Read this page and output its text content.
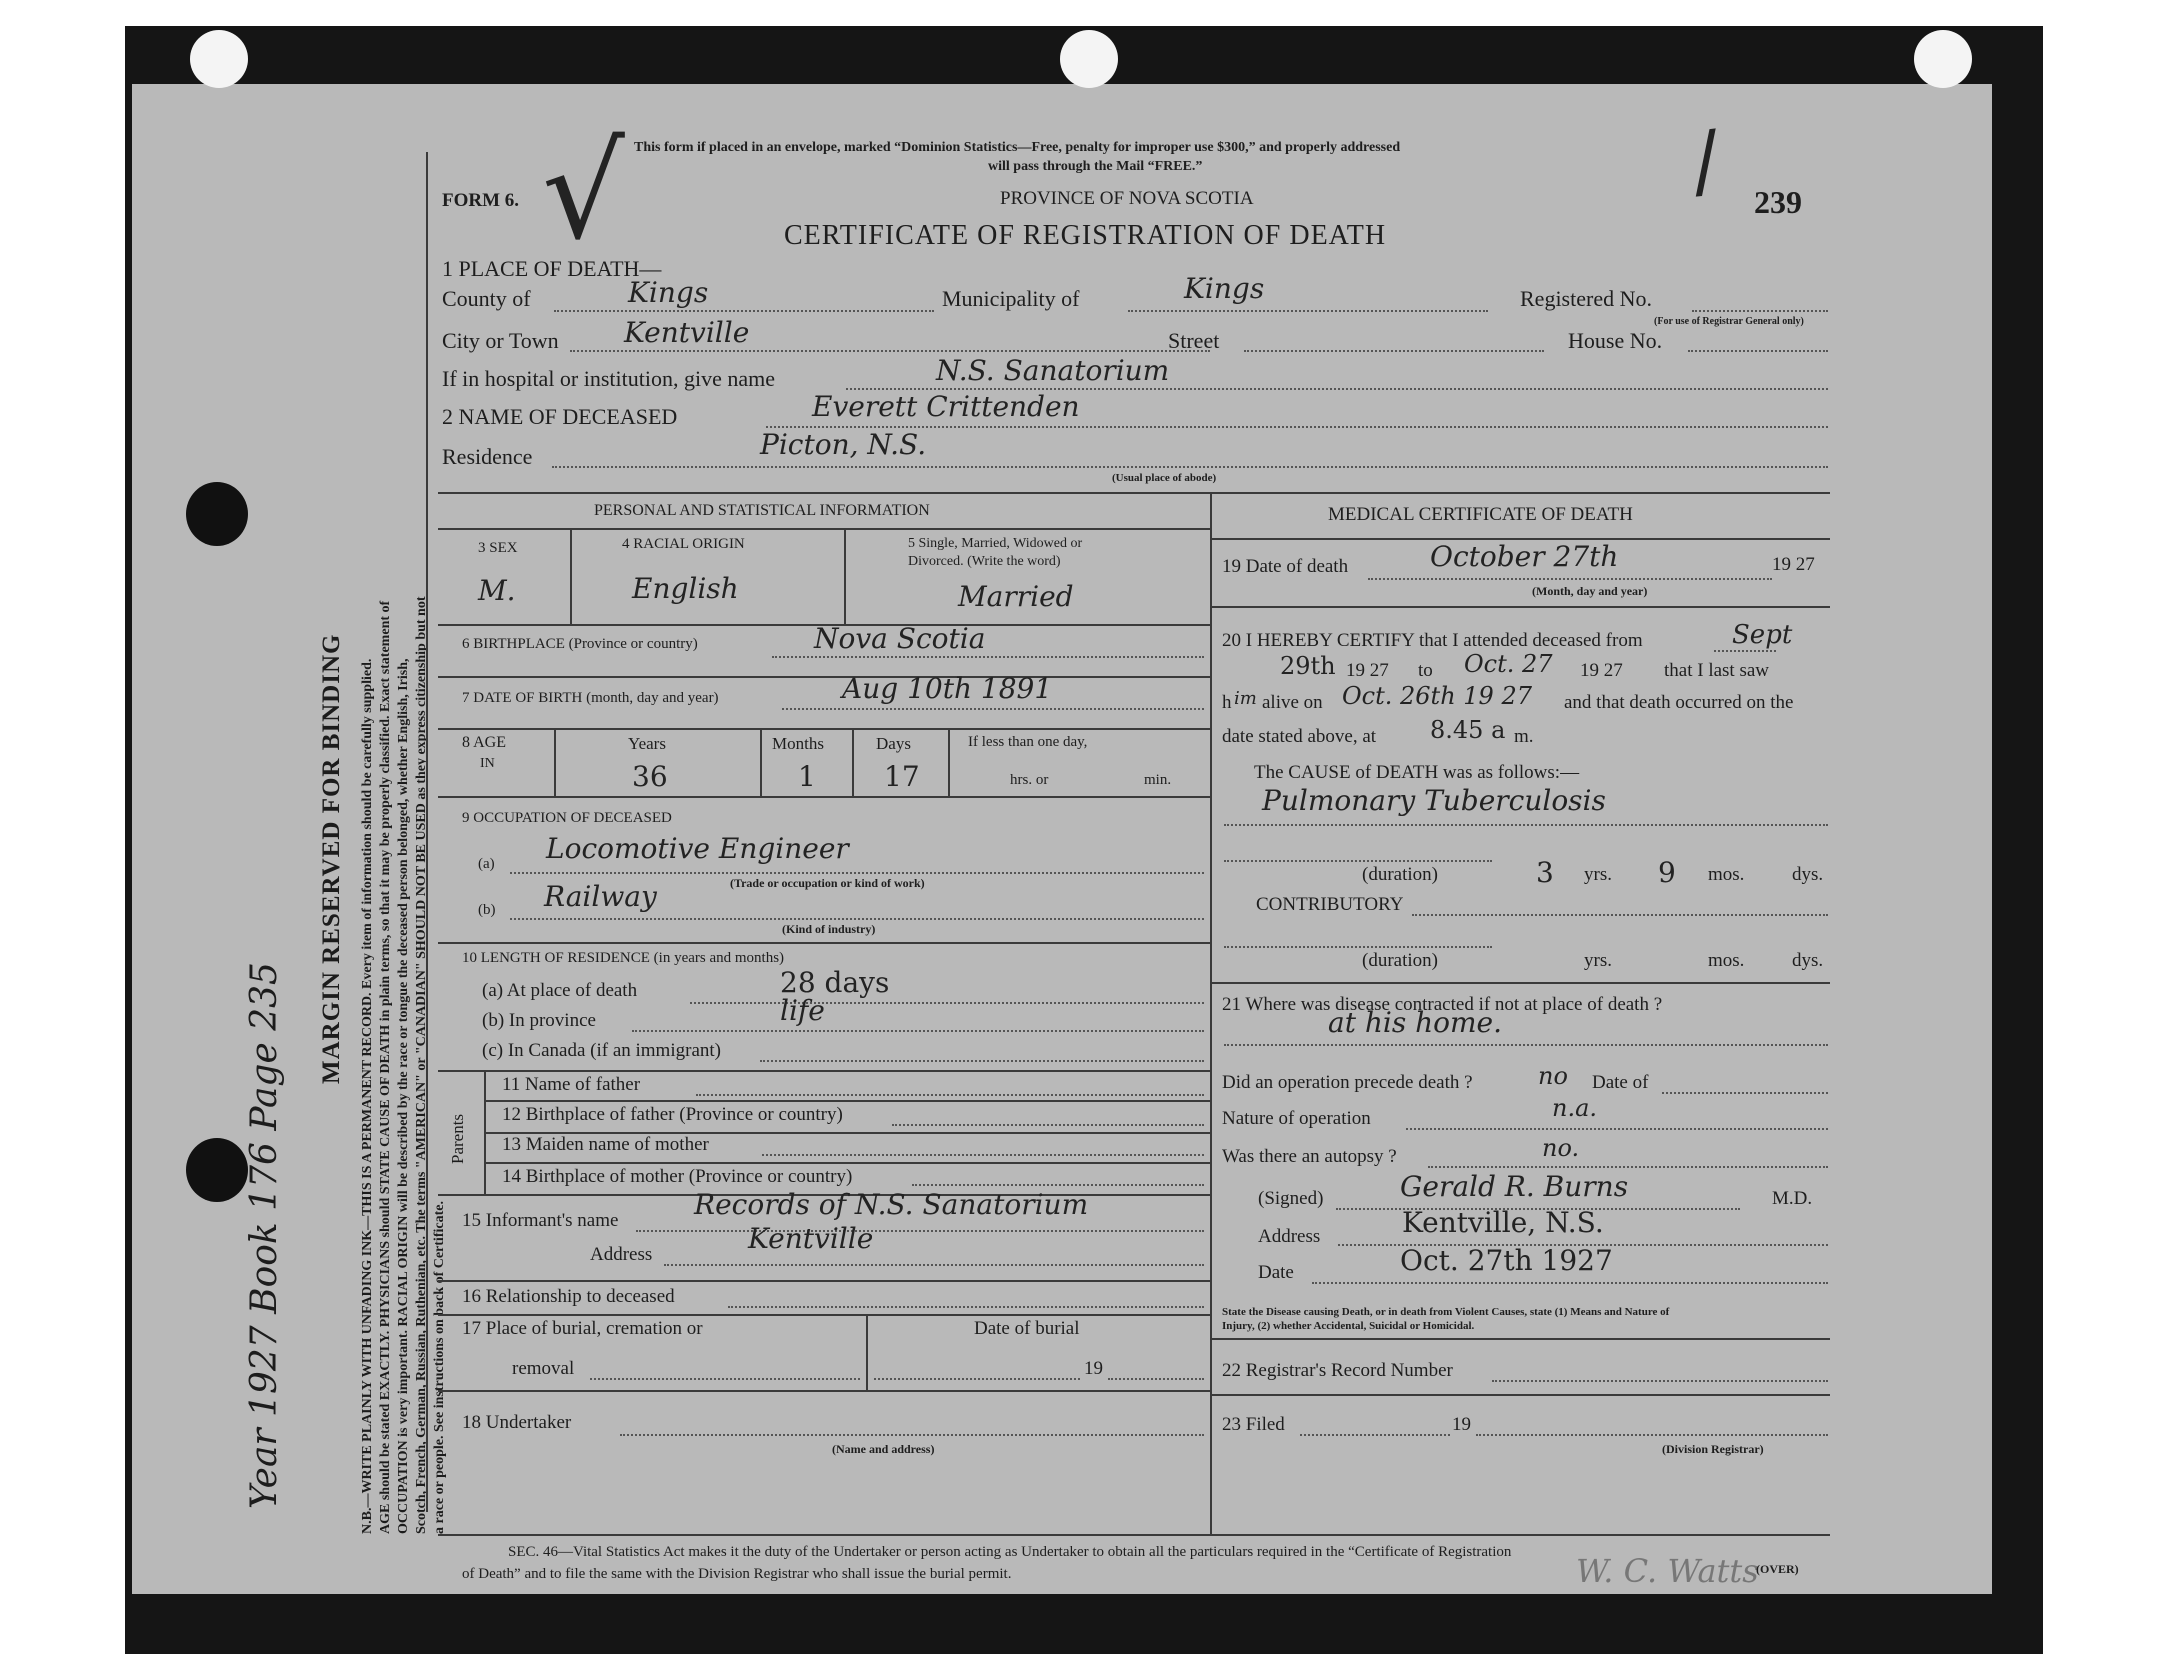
Year 1927 Book 176 Page 235
MARGIN RESERVED FOR BINDING N.B.—WRITE PLAINLY WITH UNFADING INK—THIS IS A PERMANENT RECORD. Every item of information should be carefully supplied. AGE should be stated EXACTLY. PHYSICIANS should STATE CAUSE OF DEATH in plain terms, so that it may be properly classified. Exact statement of OCCUPATION is very important. RACIAL ORIGIN will be described by the race or tongue the deceased person belonged, whether English, Irish, Scotch, French, German, Russian, Ruthenian, etc. The terms "AMERICAN" or "CANADIAN" SHOULD NOT BE USED as they express citizenship but not a race or people. See instructions on back of Certificate.
This form if placed in an envelope, marked “Dominion Statistics—Free, penalty for improper use $300,” and properly addressed
will pass through the Mail “FREE.”
FORM 6. √	PROVINCE OF NOVA SCOTIA
CERTIFICATE OF REGISTRATION OF DEATH
239
/
1 PLACE OF DEATH—
County of	Kings	Municipality of	Kings	Registered No.
(For use of Registrar General only)
City or Town Kentville	Street	House No.
If in hospital or institution, give name	N.S. Sanatorium
2 NAME OF DECEASED	Everett Crittenden
Residence	Picton, N.S.
(Usual place of abode)
PERSONAL AND STATISTICAL INFORMATION
3 SEX
M.
4 RACIAL ORIGIN
English
5 Single, Married, Widowed or
Divorced. (Write the word)
Married
6 BIRTHPLACE (Province or country)	Nova Scotia
7 DATE OF BIRTH (month, day and year)	Aug 10th 1891
8 AGE
IN
Years
36
Months
1
Days
17
If less than one day,
hrs. or	min.
9 OCCUPATION OF DECEASED
(a) Locomotive Engineer
(Trade or occupation or kind of work)
(b) Railway
(Kind of industry)
10 LENGTH OF RESIDENCE (in years and months)
(a) At place of death	28 days
(b) In province	life
(c) In Canada (if an immigrant)
Parents
11 Name of father
12 Birthplace of father (Province or country)
13 Maiden name of mother
14 Birthplace of mother (Province or country)
15 Informant's name	Records of N.S. Sanatorium
Address	Kentville
16 Relationship to deceased
17 Place of burial, cremation or
removal
Date of burial
19
18 Undertaker
(Name and address)
MEDICAL CERTIFICATE OF DEATH
19 Date of death	October 27th	19 27
(Month, day and year)
20 I HEREBY CERTIFY that I attended deceased from	Sept
29th 19 27 to Oct. 27 19 27 that I last saw
h im alive on Oct. 26th 19 27 and that death occurred on the
date stated above, at 8.45 a m.
The CAUSE of DEATH was as follows:—
Pulmonary Tuberculosis
(duration)	3 yrs. 9 mos.	dys.
CONTRIBUTORY
(duration)	yrs.	mos.	dys.
21 Where was disease contracted if not at place of death ?
at his home.
Did an operation precede death ?	no Date of
Nature of operation	n.a.
Was there an autopsy ?	no.
(Signed)	Gerald R. Burns	M.D.
Address	Kentville, N.S.
Date	Oct. 27th 1927
State the Disease causing Death, or in death from Violent Causes, state (1) Means and Nature of
Injury, (2) whether Accidental, Suicidal or Homicidal.
22 Registrar's Record Number
23 Filed	19
(Division Registrar)
SEC. 46—Vital Statistics Act makes it the duty of the Undertaker or person acting as Undertaker to obtain all the particulars required in the “Certificate of Registration
of Death” and to file the same with the Division Registrar who shall issue the burial permit.	W. C. Watts
(OVER)
